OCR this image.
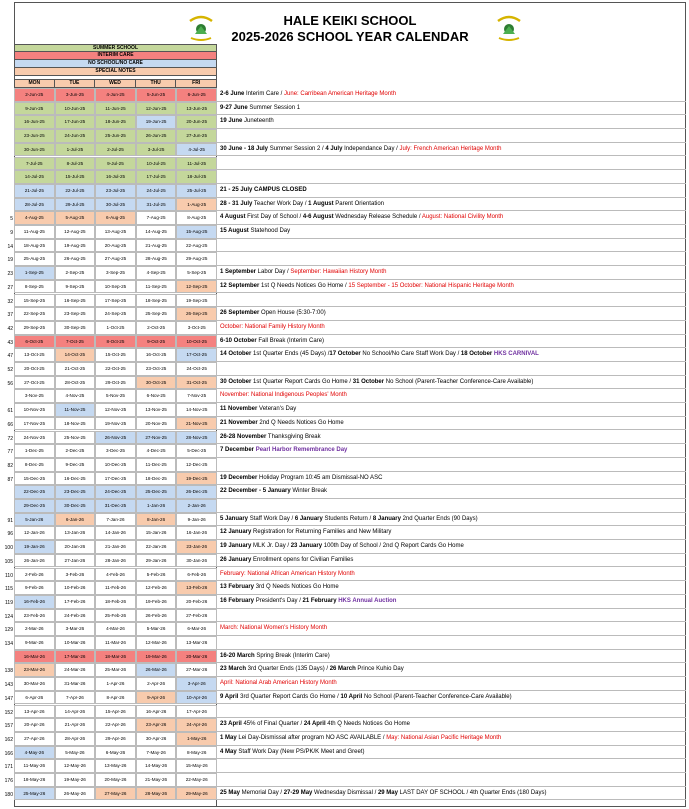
HALE KEIKI SCHOOL
2025-2026 SCHOOL YEAR CALENDAR
SUMMER SCHOOL
INTERIM CARE
NO SCHOOL/NO CARE
SPECIAL NOTES
MON	TUE	WED	THU	FRI
2-Jun-25	3-Jun-25	4-Jun-25	5-Jun-25	6-Jun-25	2-6 June Interim Care / June: Carribean American Heritage Month
9-Jun-25	10-Jun-25	11-Jun-25	12-Jun-25	13-Jun-25	9-27 June Summer Session 1
16-Jun-25	17-Jun-25	18-Jun-25	19-Jun-25	20-Jun-25	19 June Juneteenth
23-Jun-25	24-Jun-25	25-Jun-25	26-Jun-25	27-Jun-25
30-Jun-25	1-Jul-25	2-Jul-25	3-Jul-25	4-Jul-25	30 June - 18 July Summer Session 2 / 4 July Independance Day / July: French American Heritage Month
7-Jul-25	8-Jul-25	9-Jul-25	10-Jul-25	11-Jul-25
14-Jul-25	15-Jul-25	16-Jul-25	17-Jul-25	18-Jul-25
21-Jul-25	22-Jul-25	23-Jul-25	24-Jul-25	25-Jul-25	21 - 25 July CAMPUS CLOSED
28-Jul-25	29-Jul-25	30-Jul-25	31-Jul-25	1-Aug-25	28 - 31 July Teacher Work Day / 1 August Parent Orientation
5	4-Aug-25	5-Aug-25	6-Aug-25	7-Aug-25	8-Aug-25	4 August First Day of School / 4-6 August Wednesday Release Schedule / August: National Civility Month
9	11-Aug-25	12-Aug-25	13-Aug-25	14-Aug-25	15-Aug-25	15 August Statehood Day
14	18-Aug-25	19-Aug-25	20-Aug-25	21-Aug-25	22-Aug-25
19	25-Aug-25	26-Aug-25	27-Aug-25	28-Aug-25	29-Aug-25
23	1-Sep-25	2-Sep-25	3-Sep-25	4-Sep-25	5-Sep-25	1 September Labor Day / September: Hawaiian History Month
27	8-Sep-25	9-Sep-25	10-Sep-25	11-Sep-25	12-Sep-25	12 September 1st Q Needs Notices Go Home / 15 September - 15 October: National Hispanic Heritage Month
32	15-Sep-25	16-Sep-25	17-Sep-25	18-Sep-25	19-Sep-25
37	22-Sep-25	23-Sep-25	24-Sep-25	25-Sep-25	26-Sep-25	26 September Open House (5:30-7:00)
42	29-Sep-25	30-Sep-25	1-Oct-25	2-Oct-25	3-Oct-25	October: National Family History Month
43	6-Oct-25	7-Oct-25	8-Oct-25	9-Oct-25	10-Oct-25	6-10 October Fall Break (Interim Care)
47	13-Oct-25	14-Oct-25	15-Oct-25	16-Oct-25	17-Oct-25	14 October 1st Quarter Ends (45 Days) /17 October No School/No Care Staff Work Day / 18 October HKS CARNIVAL
52	20-Oct-25	21-Oct-25	22-Oct-25	23-Oct-25	24-Oct-25
56	27-Oct-25	28-Oct-25	29-Oct-25	30-Oct-25	31-Oct-25	30 October 1st Quarter Report Cards Go Home / 31 October No School (Parent-Teacher Conference-Care Available)
3-Nov-25	4-Nov-25	5-Nov-25	6-Nov-25	7-Nov-25	November: National Indigenous Peoples' Month
61	10-Nov-25	11-Nov-25	12-Nov-25	13-Nov-25	14-Nov-25	11 November Veteran's Day
66	17-Nov-25	18-Nov-25	19-Nov-25	20-Nov-25	21-Nov-25	21 November 2nd Q Needs Notices Go Home
72	24-Nov-25	25-Nov-25	26-Nov-25	27-Nov-25	28-Nov-25	26-28 November Thanksgiving Break
77	1-Dec-25	2-Dec-25	3-Dec-25	4-Dec-25	5-Dec-25	7 December Pearl Harbor Remembrance Day
82	8-Dec-25	9-Dec-25	10-Dec-25	11-Dec-25	12-Dec-25
87	15-Dec-25	16-Dec-25	17-Dec-25	18-Dec-25	19-Dec-25	19 December Holiday Program 10:45 am Dismissal-NO ASC
22-Dec-25	23-Dec-25	24-Dec-25	25-Dec-25	26-Dec-25	22 December - 5 January Winter Break
29-Dec-25	30-Dec-25	31-Dec-25	1-Jan-26	2-Jan-26
91	5-Jan-26	6-Jan-26	7-Jan-26	8-Jan-26	9-Jan-26	5 January Staff Work Day / 6 January Students Return / 8 January 2nd Quarter Ends (90 Days)
96	12-Jan-26	13-Jan-26	14-Jan-26	15-Jan-26	16-Jan-26	12 January Registration for Returning Families and New Military
100	19-Jan-26	20-Jan-26	21-Jan-26	22-Jan-26	23-Jan-26	19 January MLK Jr. Day / 23 January 100th Day of School / 2nd Q Report Cards Go Home
105	26-Jan-26	27-Jan-26	28-Jan-26	29-Jan-26	30-Jan-26	26 January Enrollment opens for Civilian Families
110	2-Feb-26	3-Feb-26	4-Feb-26	5-Feb-26	6-Feb-26	February: National African American History Month
115	9-Feb-26	10-Feb-26	11-Feb-26	12-Feb-26	13-Feb-26	13 February 3rd Q Needs Notices Go Home
119	16-Feb-26	17-Feb-26	18-Feb-26	19-Feb-26	20-Feb-26	16 February President's Day / 21 February HKS Annual Auction
124	23-Feb-26	24-Feb-26	25-Feb-26	26-Feb-26	27-Feb-26
129	2-Mar-26	3-Mar-26	4-Mar-26	5-Mar-26	6-Mar-26	March: National Women's History Month
134	9-Mar-26	10-Mar-26	11-Mar-26	12-Mar-26	13-Mar-26
16-Mar-26	17-Mar-26	18-Mar-26	19-Mar-26	20-Mar-26	16-20 March Spring Break (Interim Care)
138	23-Mar-26	24-Mar-26	25-Mar-26	26-Mar-26	27-Mar-26	23 March 3rd Quarter Ends (135 Days) / 26 March Prince Kuhio Day
143	30-Mar-26	31-Mar-26	1-Apr-26	2-Apr-26	3-Apr-26	April: National Arab American History Month
147	6-Apr-26	7-Apr-26	8-Apr-26	9-Apr-26	10-Apr-26	9 April 3rd Quarter Report Cards Go Home / 10 April No School (Parent-Teacher Conference-Care Available)
152	13-Apr-26	14-Apr-26	15-Apr-26	16-Apr-26	17-Apr-26
157	20-Apr-26	21-Apr-26	22-Apr-26	23-Apr-26	24-Apr-26	23 April 45% of Final Quarter / 24 April 4th Q Needs Notices Go Home
162	27-Apr-26	28-Apr-26	29-Apr-26	30-Apr-26	1-May-26	1 May Lei Day-Dismissal after program NO ASC AVAILABLE / May: National Asian Pacific Heritage Month
166	4-May-26	5-May-26	6-May-26	7-May-26	8-May-26	4 May Staff Work Day (New PS/PK/K Meet and Greet)
171	11-May-26	12-May-26	13-May-26	14-May-26	15-May-26
176	18-May-26	19-May-26	20-May-26	21-May-26	22-May-26
180	25-May-26	26-May-26	27-May-26	28-May-26	29-May-26	25 May Memorial Day / 27-29 May Wednesday Dismissal / 29 May LAST DAY OF SCHOOL / 4th Quarter Ends (180 Days)
